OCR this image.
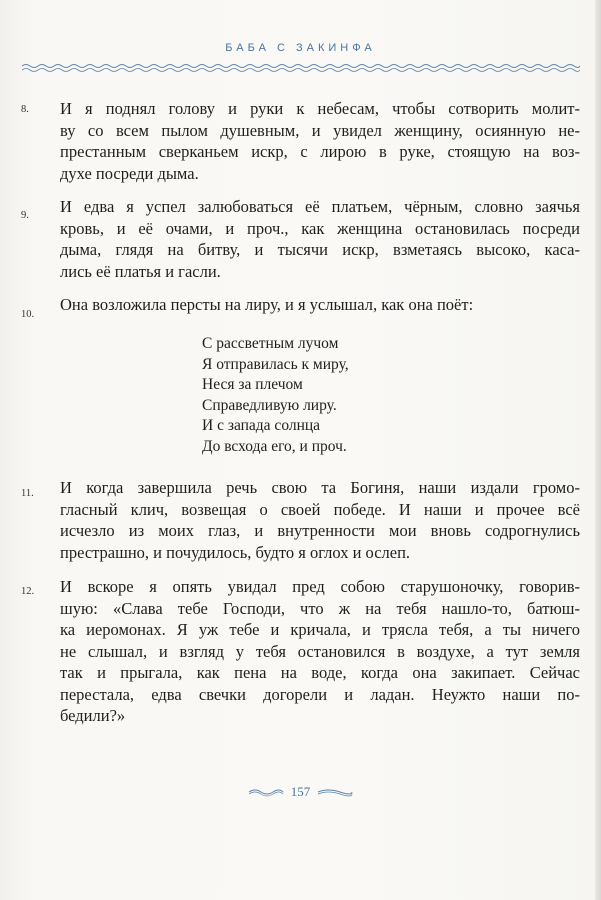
БАБА С ЗАКИНФА
8. И я поднял голову и руки к небесам, чтобы сотворить молит-
ву со всем пылом душевным, и увидел женщину, осиянную не-
престанным сверканьем искр, с лирою в руке, стоящую на воз-
духе посреди дыма.
9. И едва я успел залюбоваться её платьем, чёрным, словно заячья
кровь, и её очами, и проч., как женщина остановилась посреди
дыма, глядя на битву, и тысячи искр, взметаясь высоко, каса-
лись её платья и гасли.
10.
Она возложила персты на лиру, и я услышал, как она поёт:
С рассветным лучом
Я отправилась к миру,
Неся за плечом
Справедливую лиру.
И с запада солнца
До всхода его, и проч.
11. И когда завершила речь свою та Богиня, наши издали громо-
гласный клич, возвещая о своей победе. И наши и прочее всё
исчезло из моих глаз, и внутренности мои вновь содрогнулись
престрашно, и почудилось, будто я оглох и ослеп.
12. И вскоре я опять увидал пред собою старушоночку, говорив-
шую: «Слава тебе Господи, что ж на тебя нашло-то, батюш-
ка иеромонах. Я уж тебе и кричала, и трясла тебя, а ты ничего
не слышал, и взгляд у тебя остановился в воздухе, а тут земля
так и прыгала, как пена на воде, когда она закипает. Сейчас
перестала, едва свечки догорели и ладан. Неужто наши по-
бедили?»
157
